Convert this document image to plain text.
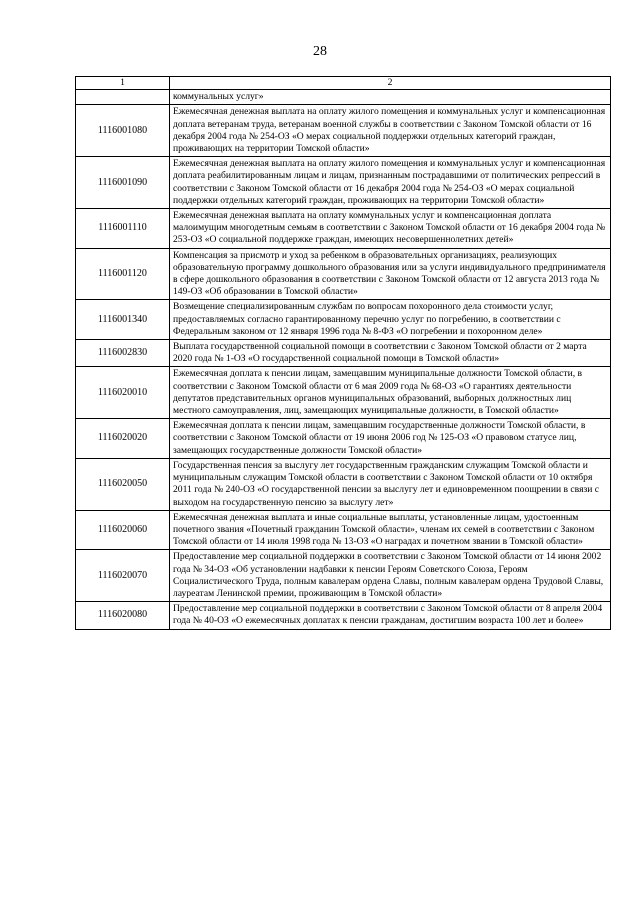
28
1	2
	коммунальных услуг»
1116001080	Ежемесячная денежная выплата на оплату жилого помещения и коммунальных услуг и компенсационная доплата ветеранам труда, ветеранам военной службы в соответствии с Законом Томской области от 16 декабря 2004 года № 254-ОЗ «О мерах социальной поддержки отдельных категорий граждан, проживающих на территории Томской области»
1116001090	Ежемесячная денежная выплата на оплату жилого помещения и коммунальных услуг и компенсационная доплата реабилитированным лицам и лицам, признанным пострадавшими от политических репрессий в соответствии с Законом Томской области от 16 декабря 2004 года № 254-ОЗ «О мерах социальной поддержки отдельных категорий граждан, проживающих на территории Томской области»
1116001110	Ежемесячная денежная выплата на оплату коммунальных услуг и компенсационная доплата малоимущим многодетным семьям в соответствии с Законом Томской области от 16 декабря 2004 года № 253-ОЗ «О социальной поддержке граждан, имеющих несовершеннолетних детей»
1116001120	Компенсация за присмотр и уход за ребенком в образовательных организациях, реализующих образовательную программу дошкольного образования или за услуги индивидуального предпринимателя в сфере дошкольного образования в соответствии с Законом Томской области от 12 августа 2013 года № 149-ОЗ «Об образовании в Томской области»
1116001340	Возмещение специализированным службам по вопросам похоронного дела стоимости услуг, предоставляемых согласно гарантированному перечню услуг по погребению, в соответствии с Федеральным законом от 12 января 1996 года № 8-ФЗ «О погребении и похоронном деле»
1116002830	Выплата государственной социальной помощи в соответствии с Законом Томской области от 2 марта 2020 года № 1-ОЗ «О государственной социальной помощи в Томской области»
1116020010	Ежемесячная доплата к пенсии лицам, замещавшим муниципальные должности Томской области, в соответствии с Законом Томской области от 6 мая 2009 года № 68-ОЗ «О гарантиях деятельности депутатов представительных органов муниципальных образований, выборных должностных лиц местного самоуправления, лиц, замещающих муниципальные должности, в Томской области»
1116020020	Ежемесячная доплата к пенсии лицам, замещавшим государственные должности Томской области, в соответствии с Законом Томской области от 19 июня 2006 год № 125-ОЗ «О правовом статусе лиц, замещающих государственные должности Томской области»
1116020050	Государственная пенсия за выслугу лет государственным гражданским служащим Томской области и муниципальным служащим Томской области в соответствии с Законом Томской области от 10 октября 2011 года № 240-ОЗ «О государственной пенсии за выслугу лет и единовременном поощрении в связи с выходом на государственную пенсию за выслугу лет»
1116020060	Ежемесячная денежная выплата и иные социальные выплаты, установленные лицам, удостоенным почетного звания «Почетный гражданин Томской области», членам их семей в соответствии с Законом Томской области от 14 июля 1998 года № 13-ОЗ «О наградах и почетном звании в Томской области»
1116020070	Предоставление мер социальной поддержки в соответствии с Законом Томской области от 14 июня 2002 года № 34-ОЗ «Об установлении надбавки к пенсии Героям Советского Союза, Героям Социалистического Труда, полным кавалерам ордена Славы, полным кавалерам ордена Трудовой Славы, лауреатам Ленинской премии, проживающим в Томской области»
1116020080	Предоставление мер социальной поддержки в соответствии с Законом Томской области от 8 апреля 2004 года № 40-ОЗ «О ежемесячных доплатах к пенсии гражданам, достигшим возраста 100 лет и более»
